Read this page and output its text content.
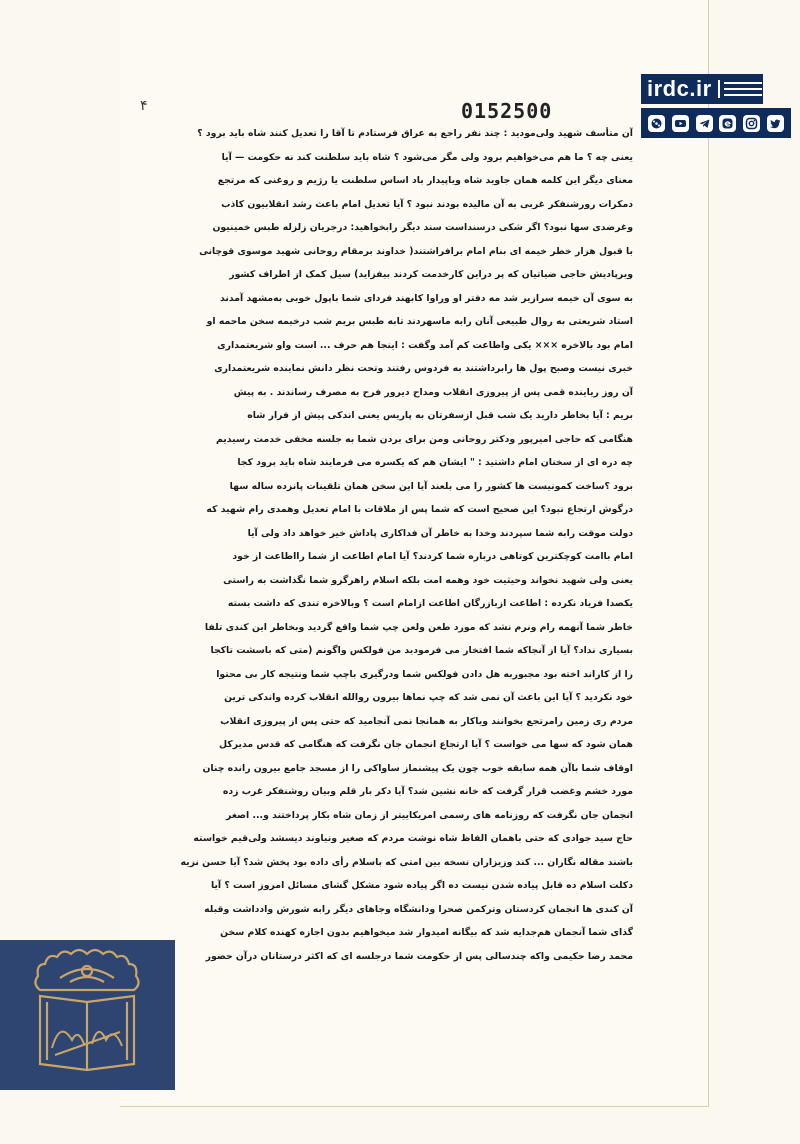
۴	0152500

آن متأسف شهید ولی‌مودید : چند نفر راجع به عراق فرستادم تا آقا را تعدیل کنند شاه باید برود ؟

یعنی چه ؟ ما هم می‌خواهیم برود ولی مگر می‌شود ؟ شاه باید سلطنت کند نه حکومت — آیا

معنای دیگر این کلمه همان جاوید شاه ویاپیدار باد اساس سلطنت یا رژیم و روغنی که مرتجع

دمکرات رورشنفکر غربی به آن مالیده بودند نبود ؟ آیا تعدیل امام باعث رشد انقلابیون کاذب

وغرضدی سها نبود؟ اگر شکی درسنداست سند دیگر رابخواهید: درجریان زلزله طبس خمینیون

با قبول هزار خطر خیمه ای بنام امام برافراشتند( خداوند برمقام روحانی شهید موسوی قوچانی

ویرپادیش حاجی ضیاتیان که پر دراین کارخدمت کردند بیفزاید) سیل کمک از اطراف کشور

به سوی آن خیمه سرازیر شد مه دفتر او وراوا کابهند فردای شما باپول خوبی به‌مشهد آمدند

استاد شریعتی به روال طبیعی آنان رابه ماسهردند تابه طبس بریم شب درخیمه سخن ماحمه او

امام بود بالاخره ××× یکی واطاعت کم آمد وگفت : اینجا هم حرف ... است واو شریعتمداری

خبری نیست وصبح پول ها رابرداشتند به فردوس رفتند وتحت نظر دانش نماینده شریعتمداری

آن روز ریاینده قمی پس از پیروزی انقلاب ومداح دیرور فرح به مصرف رساندند . به پیش

بریم : آیا بخاطر دارید یک شب قبل ازسفرتان به پاریس یعنی اندکی پیش از فرار شاه

هنگامی که حاجی امیرپور ودکتر روحانی ومن برای بردن شما به جلسه مخفی خدمت رسیدیم

چه دره ای از سخنان امام داشتید : " ایشان هم که یکسره می فرمایند شاه باید برود کجا

برود ؟ساخت کمونیست ها کشور را می بلعند آیا این سخن همان تلقینات پانزده ساله سها

درگوش ارتجاع نبود؟ این صحیح است که شما پس از ملاقات با امام تعدیل وهمدی رام شهید که

دولت موقت رابه شما سپردند وخدا به خاطر آن فداکاری پاداش خیر خواهد داد ولی آیا

امام باامت کوچکترین کوتاهی درباره شما کردند؟ آیا امام اطاعت از شما رااطاعت از خود

یعنی ولی شهید نخواند وحیثیت خود وهمه امت بلکه اسلام راهرگرو شما نگذاشت به راستی

یکصدا فریاد نکرده : اطاعت ازبازرگان اطاعت ازامام است ؟ وبالاخره تندی که داشت بسته

خاطر شما آنهمه رام ونرم نشد که مورد طعن ولعن چپ شما واقع گردید وبخاطر این کندی تلفا

بسیاری نداد؟ آیا از آنجاکه شما افتخار می فرمودید من فولکس واگونم (متی که باسشت تاکجا

را از کاراند اخته بود مجبوربه هل دادن فولکس شما ودرگیری باچپ شما ونتیجه کار بی محتوا

خود نکردید ؟ آیا این باعث آن نمی شد که چپ نماها بیرون روالله انقلاب کرده واندکی ترین

مردم ری زمین رامرتجع بخوانند ویاکار به همانجا نمی آنجامید که حتی پس از پیروزی انقلاب

همان شود که سها می خواست ؟ آیا ارتجاع انجمان جان نگرفت که هنگامی که قدس مدیرکل

اوقاف شما باآن همه سابقه خوب چون یک پیشنماز ساواکی را از مسجد جامع بیرون رانده چنان

مورد خشم وغضب قرار گرفت که خانه نشین شد؟ آیا دکر بار قلم وبیان روشنفکر غرب زده

انجمان جان نگرفت که روزنامه های رسمی امریکاییتر از زمان شاه بکار پرداختند و... اصغر

حاج سید جوادی که حتی باهمان الفاظ شاه نوشت مردم که صغیر ونیاوند دیسشد ولی‌قیم خواسته

باشند مقاله نگاران ... کند وزیزاران نسخه بین امتی که باسلام رأی داده بود پخش شد؟ آیا حسن نزیه

دکلت اسلام ده قابل پیاده شدن نیست ده اگر پیاده شود مشکل گشای مسائل امروز است ؟ آیا

آن کندی ها انجمان کردستان وترکمن صحرا ودانشگاه وجاهای دیگر رابه شورش وادداشت وقبله

گذای شما آنجمان هم‌جدایه شد که بیگانه امیدوار شد میخواهیم بدون اجازه کهنده کلام سخن

محمد رضا حکیمی واکه چندسالی پس از حکومت شما درجلسه ای که اکثر درستانان درآن حضور

irdc.ir
